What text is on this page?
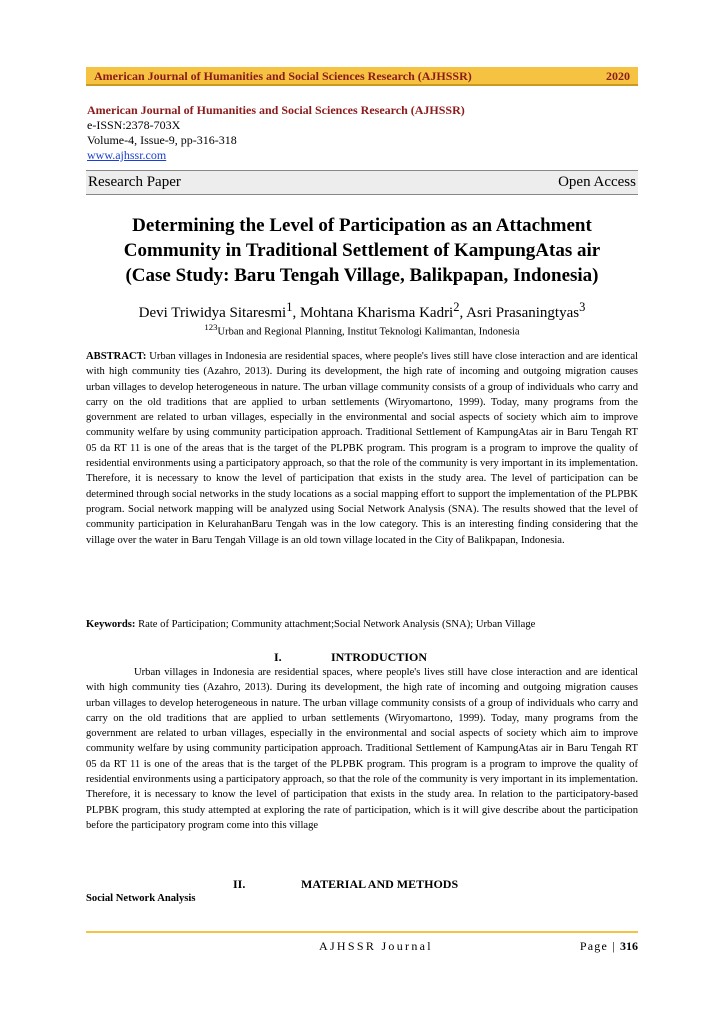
American Journal of Humanities and Social Sciences Research (AJHSSR)	2020
American Journal of Humanities and Social Sciences Research (AJHSSR)
e-ISSN:2378-703X
Volume-4, Issue-9, pp-316-318
www.ajhssr.com
Research Paper	Open Access
Determining the Level of Participation as an Attachment
Community in Traditional Settlement of KampungAtas air
(Case Study: Baru Tengah Village, Balikpapan, Indonesia)
Devi Triwidya Sitaresmi$^1$, Mohtana Kharisma Kadri$^2$, Asri Prasaningtyas$^3$
$^{123}$Urban and Regional Planning, Institut Teknologi Kalimantan, Indonesia
ABSTRACT: Urban villages in Indonesia are residential spaces, where people's lives still have close interaction and are identical with high community ties (Azahro, 2013). During its development, the high rate of incoming and outgoing migration causes urban villages to develop heterogeneous in nature. The urban village community consists of a group of individuals who carry and carry on the old traditions that are applied to urban settlements (Wiryomartono, 1999). Today, many programs from the government are related to urban villages, especially in the environmental and social aspects of society which aim to improve community welfare by using community participation approach. Traditional Settlement of KampungAtas air in Baru Tengah RT 05 da RT 11 is one of the areas that is the target of the PLPBK program. This program is a program to improve the quality of residential environments using a participatory approach, so that the role of the community is very important in its implementation. Therefore, it is necessary to know the level of participation that exists in the study area. The level of participation can be determined through social networks in the study locations as a social mapping effort to support the implementation of the PLPBK program. Social network mapping will be analyzed using Social Network Analysis (SNA). The results showed that the level of community participation in KelurahanBaru Tengah was in the low category. This is an interesting finding considering that the village over the water in Baru Tengah Village is an old town village located in the City of Balikpapan, Indonesia.
Keywords: Rate of Participation; Community attachment;Social Network Analysis (SNA); Urban Village
I.	INTRODUCTION
Urban villages in Indonesia are residential spaces, where people's lives still have close interaction and are identical with high community ties (Azahro, 2013). During its development, the high rate of incoming and outgoing migration causes urban villages to develop heterogeneous in nature. The urban village community consists of a group of individuals who carry and carry on the old traditions that are applied to urban settlements (Wiryomartono, 1999). Today, many programs from the government are related to urban villages, especially in the environmental and social aspects of society which aim to improve community welfare by using community participation approach. Traditional Settlement of KampungAtas air in Baru Tengah RT 05 da RT 11 is one of the areas that is the target of the PLPBK program. This program is a program to improve the quality of residential environments using a participatory approach, so that the role of the community is very important in its implementation. Therefore, it is necessary to know the level of participation that exists in the study area. In relation to the participatory-based PLPBK program, this study attempted at exploring the rate of participation, which is it will give describe about the participation before the participatory program come into this village
II.	MATERIAL AND METHODS
Social Network Analysis
AJHSSR Journal	Page | 316
